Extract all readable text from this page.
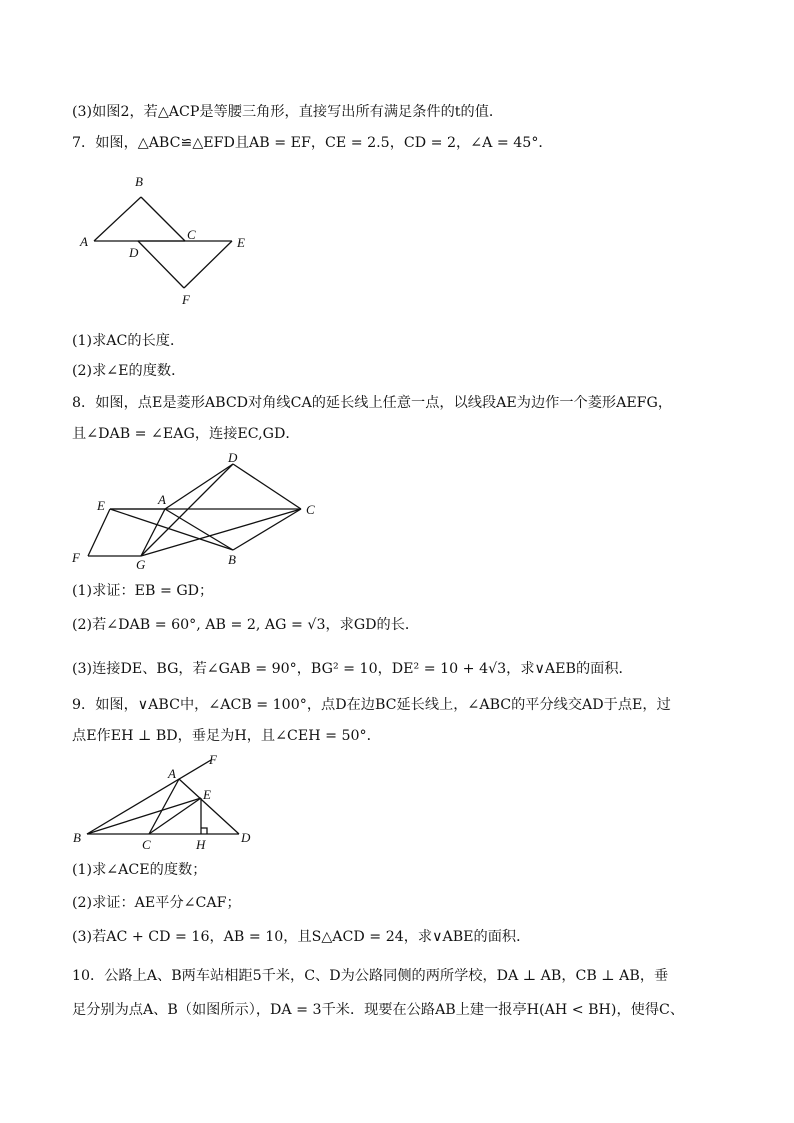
(3)如图2，若△ACP是等腰三角形，直接写出所有满足条件的t的值．
7．如图，△ABC≌△EFD且AB = EF，CE = 2.5，CD = 2，∠A = 45°．
B
A	C
E
D
F
(1)求AC的长度．
(2)求∠E的度数．
8．如图，点E是菱形ABCD对角线CA的延长线上任意一点，以线段AE为边作一个菱形AEFG，
且∠DAB = ∠EAG，连接EC,GD．
D
E	A
C
F	G	B
(1)求证：EB = GD；
(2)若∠DAB = 60°, AB = 2, AG = √3，求GD的长．
(3)连接DE、BG，若∠GAB = 90°，BG² = 10，DE² = 10 + 4√3，求∨AEB的面积．
9．如图，∨ABC中，∠ACB = 100°，点D在边BC延长线上，∠ABC的平分线交AD于点E，过
点E作EH ⊥ BD，垂足为H，且∠CEH = 50°．
F
A
E
B	C	H	D
(1)求∠ACE的度数；
(2)求证：AE平分∠CAF；
(3)若AC + CD = 16，AB = 10，且S△ACD = 24，求∨ABE的面积．
10．公路上A、B两车站相距5千米，C、D为公路同侧的两所学校，DA ⊥ AB，CB ⊥ AB，垂
足分别为点A、B（如图所示），DA = 3千米．现要在公路AB上建一报亭H(AH < BH)，使得C、
